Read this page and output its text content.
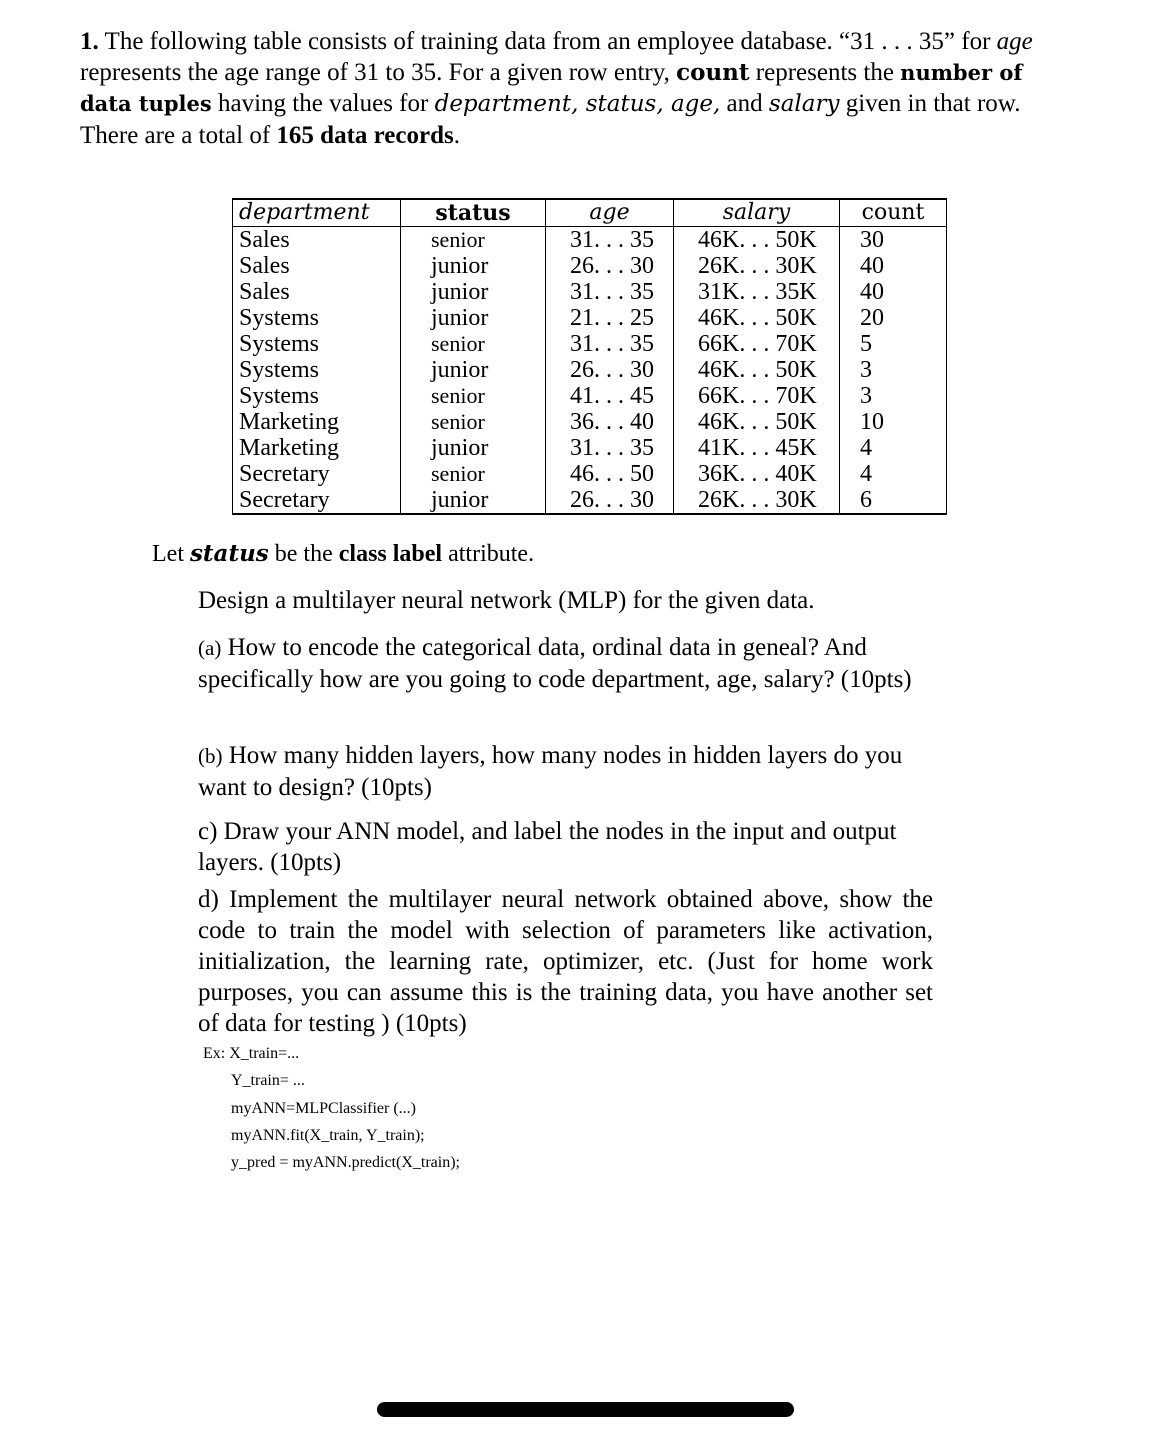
1. The following table consists of training data from an employee database. “31 . . . 35” for age represents the age range of 31 to 35. For a given row entry, count represents the number of data tuples having the values for department, status, age, and salary given in that row. There are a total of 165 data records.
department	status	age	salary	count
Sales	senior	31. . . 35	46K. . . 50K	30
Sales	junior	26. . . 30	26K. . . 30K	40
Sales	junior	31. . . 35	31K. . . 35K	40
Systems	junior	21. . . 25	46K. . . 50K	20
Systems	senior	31. . . 35	66K. . . 70K	5
Systems	junior	26. . . 30	46K. . . 50K	3
Systems	senior	41. . . 45	66K. . . 70K	3
Marketing	senior	36. . . 40	46K. . . 50K	10
Marketing	junior	31. . . 35	41K. . . 45K	4
Secretary	senior	46. . . 50	36K. . . 40K	4
Secretary	junior	26. . . 30	26K. . . 30K	6
Let status be the class label attribute.
Design a multilayer neural network (MLP) for the given data.
(a) How to encode the categorical data, ordinal data in geneal? And specifically how are you going to code department, age, salary? (10pts)
(b) How many hidden layers, how many nodes in hidden layers do you want to design? (10pts)
c) Draw your ANN model, and label the nodes in the input and output layers. (10pts)
d) Implement the multilayer neural network obtained above, show the code to train the model with selection of parameters like activation, initialization, the learning rate, optimizer, etc. (Just for home work purposes, you can assume this is the training data, you have another set of data for testing ) (10pts)
Ex: X_train=...
Y_train= ...
myANN=MLPClassifier (...)
myANN.fit(X_train, Y_train);
y_pred = myANN.predict(X_train);
